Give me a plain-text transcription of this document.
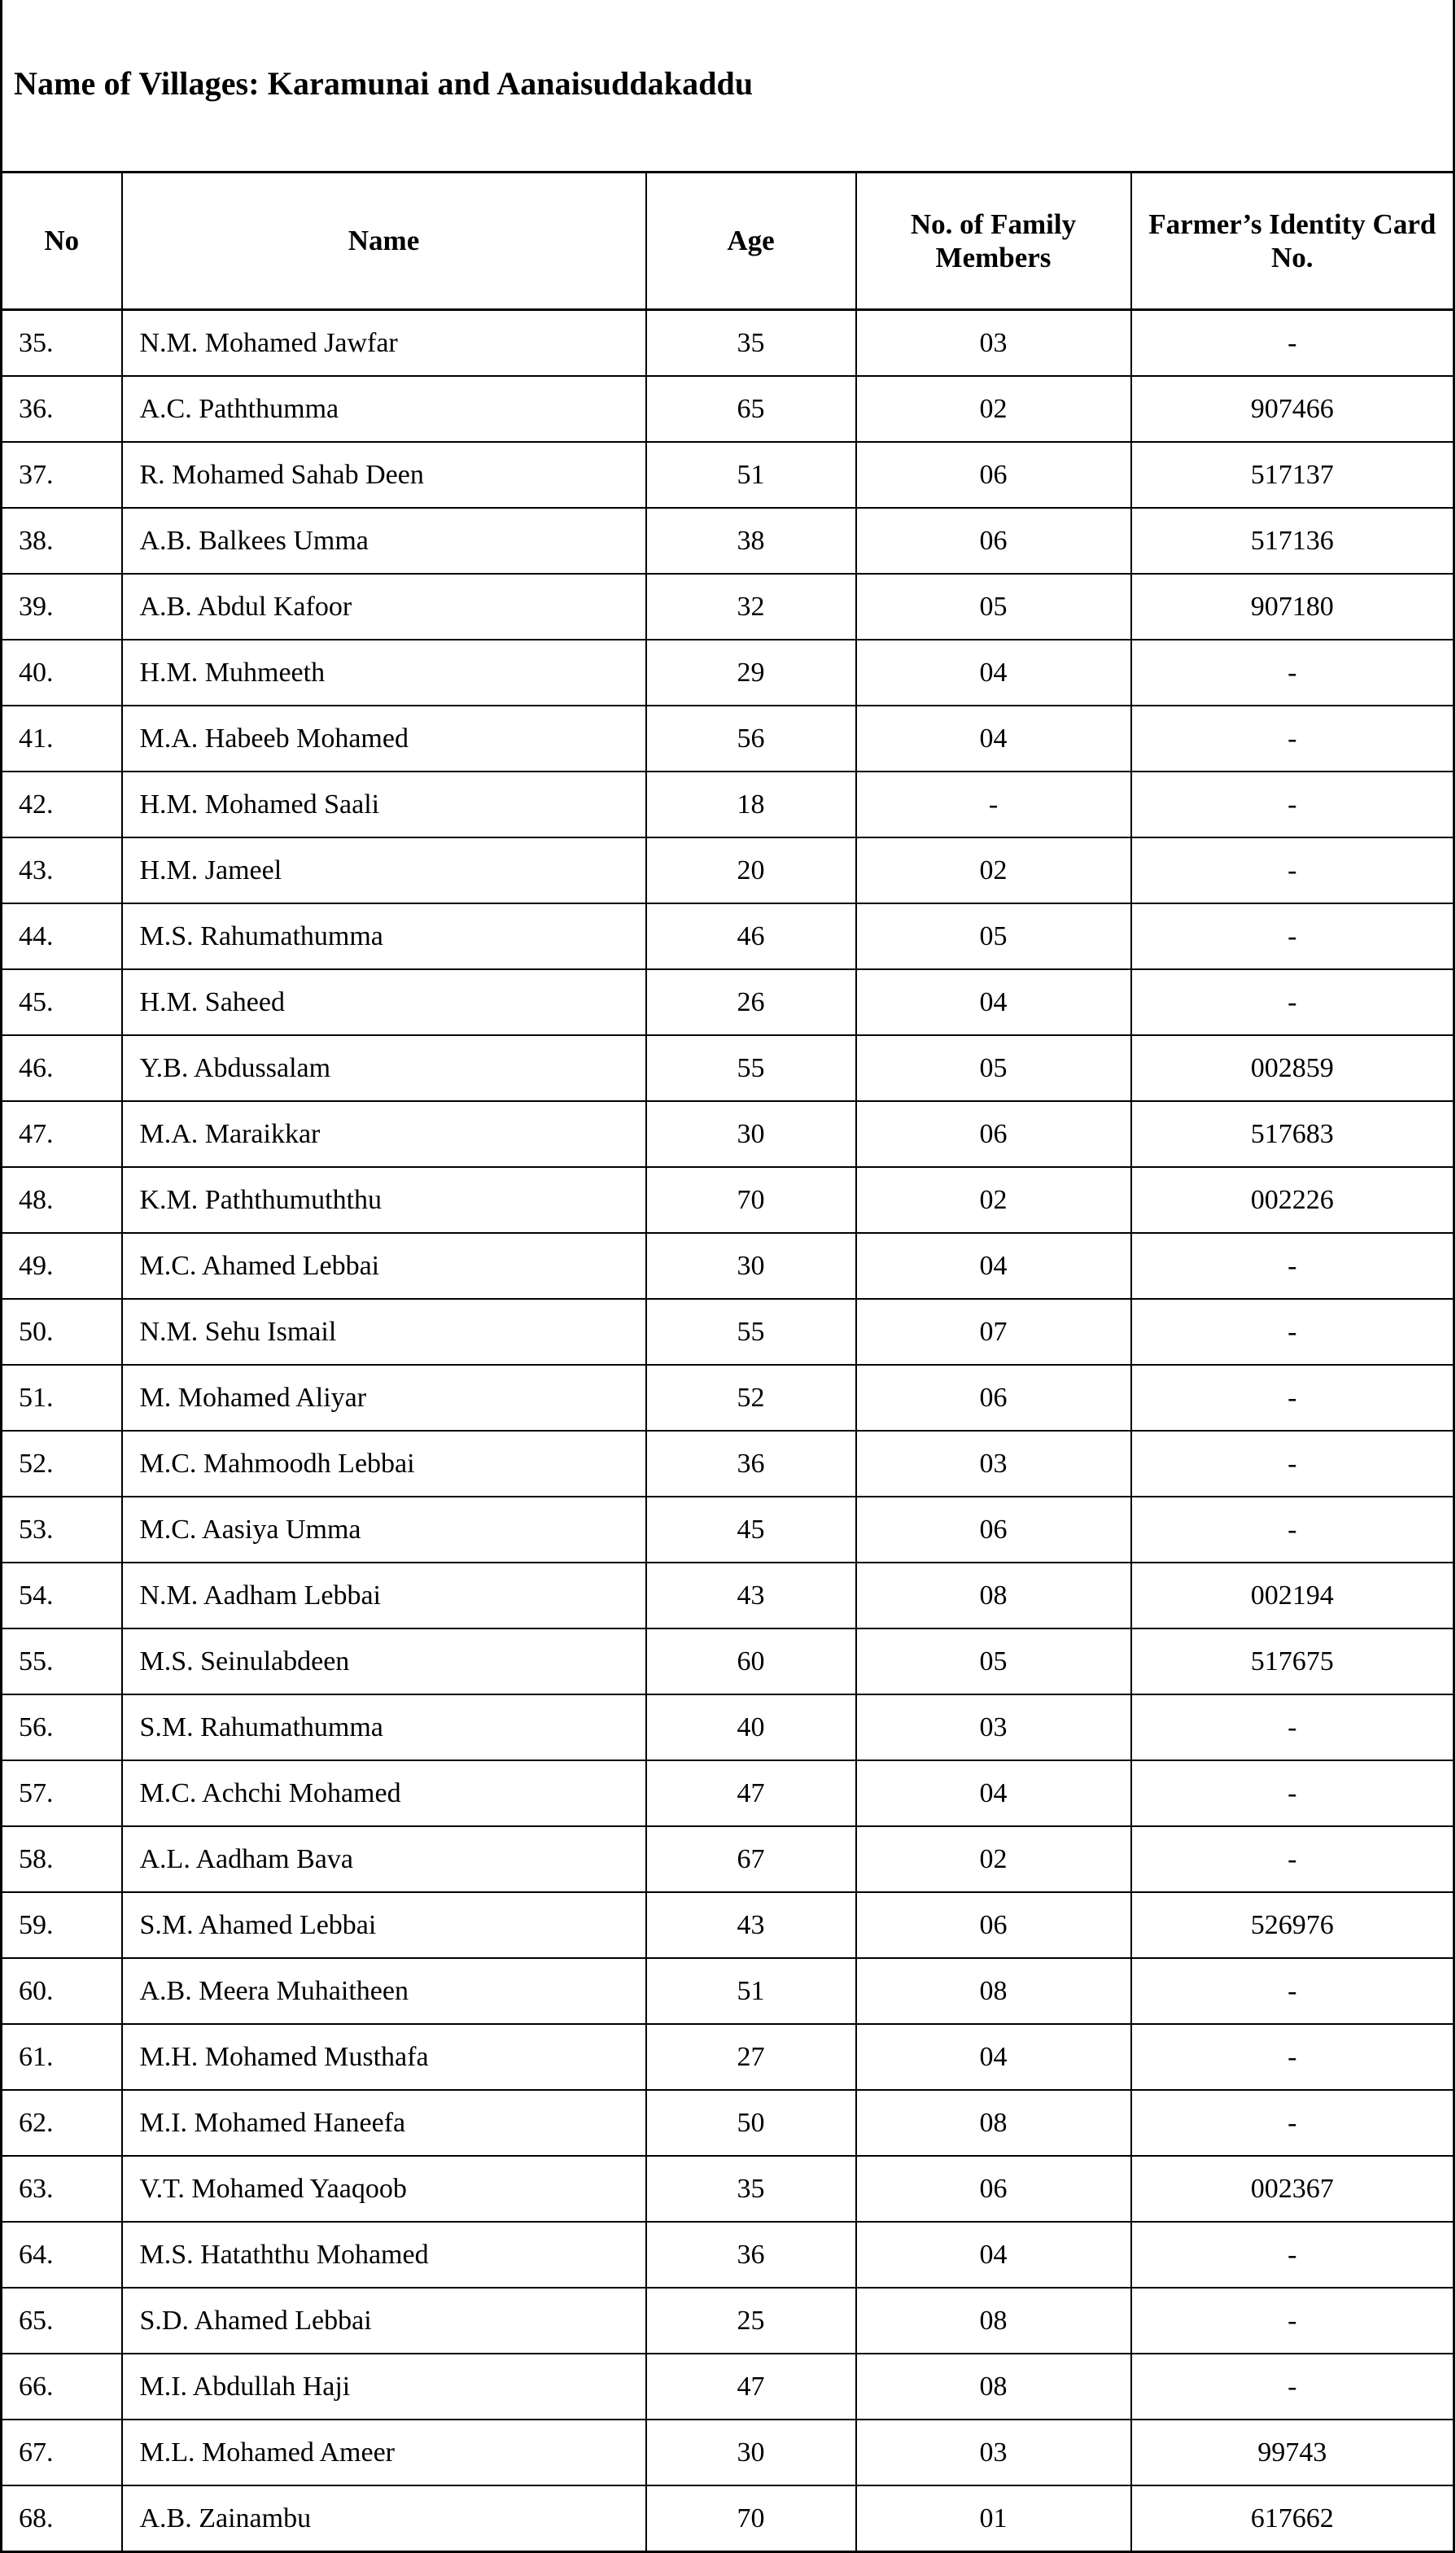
Name of Villages: Karamunai and Aanaisuddakaddu				
No	Name	Age	No. of Family Members	Farmer’s Identity Card No.
35.	N.M. Mohamed Jawfar	35	03	-
36.	A.C. Paththumma	65	02	907466
37.	R. Mohamed Sahab Deen	51	06	517137
38.	A.B. Balkees Umma	38	06	517136
39.	A.B. Abdul Kafoor	32	05	907180
40.	H.M. Muhmeeth	29	04	-
41.	M.A. Habeeb Mohamed	56	04	-
42.	H.M. Mohamed Saali	18	-	-
43.	H.M. Jameel	20	02	-
44.	M.S. Rahumathumma	46	05	-
45.	H.M. Saheed	26	04	-
46.	Y.B. Abdussalam	55	05	002859
47.	M.A. Maraikkar	30	06	517683
48.	K.M. Paththumuththu	70	02	002226
49.	M.C. Ahamed Lebbai	30	04	-
50.	N.M. Sehu Ismail	55	07	-
51.	M. Mohamed Aliyar	52	06	-
52.	M.C. Mahmoodh Lebbai	36	03	-
53.	M.C. Aasiya Umma	45	06	-
54.	N.M. Aadham Lebbai	43	08	002194
55.	M.S. Seinulabdeen	60	05	517675
56.	S.M. Rahumathumma	40	03	-
57.	M.C. Achchi Mohamed	47	04	-
58.	A.L. Aadham Bava	67	02	-
59.	S.M. Ahamed Lebbai	43	06	526976
60.	A.B. Meera Muhaitheen	51	08	-
61.	M.H. Mohamed Musthafa	27	04	-
62.	M.I. Mohamed Haneefa	50	08	-
63.	V.T. Mohamed Yaaqoob	35	06	002367
64.	M.S. Hataththu Mohamed	36	04	-
65.	S.D. Ahamed Lebbai	25	08	-
66.	M.I. Abdullah Haji	47	08	-
67.	M.L. Mohamed Ameer	30	03	99743
68.	A.B. Zainambu	70	01	617662
